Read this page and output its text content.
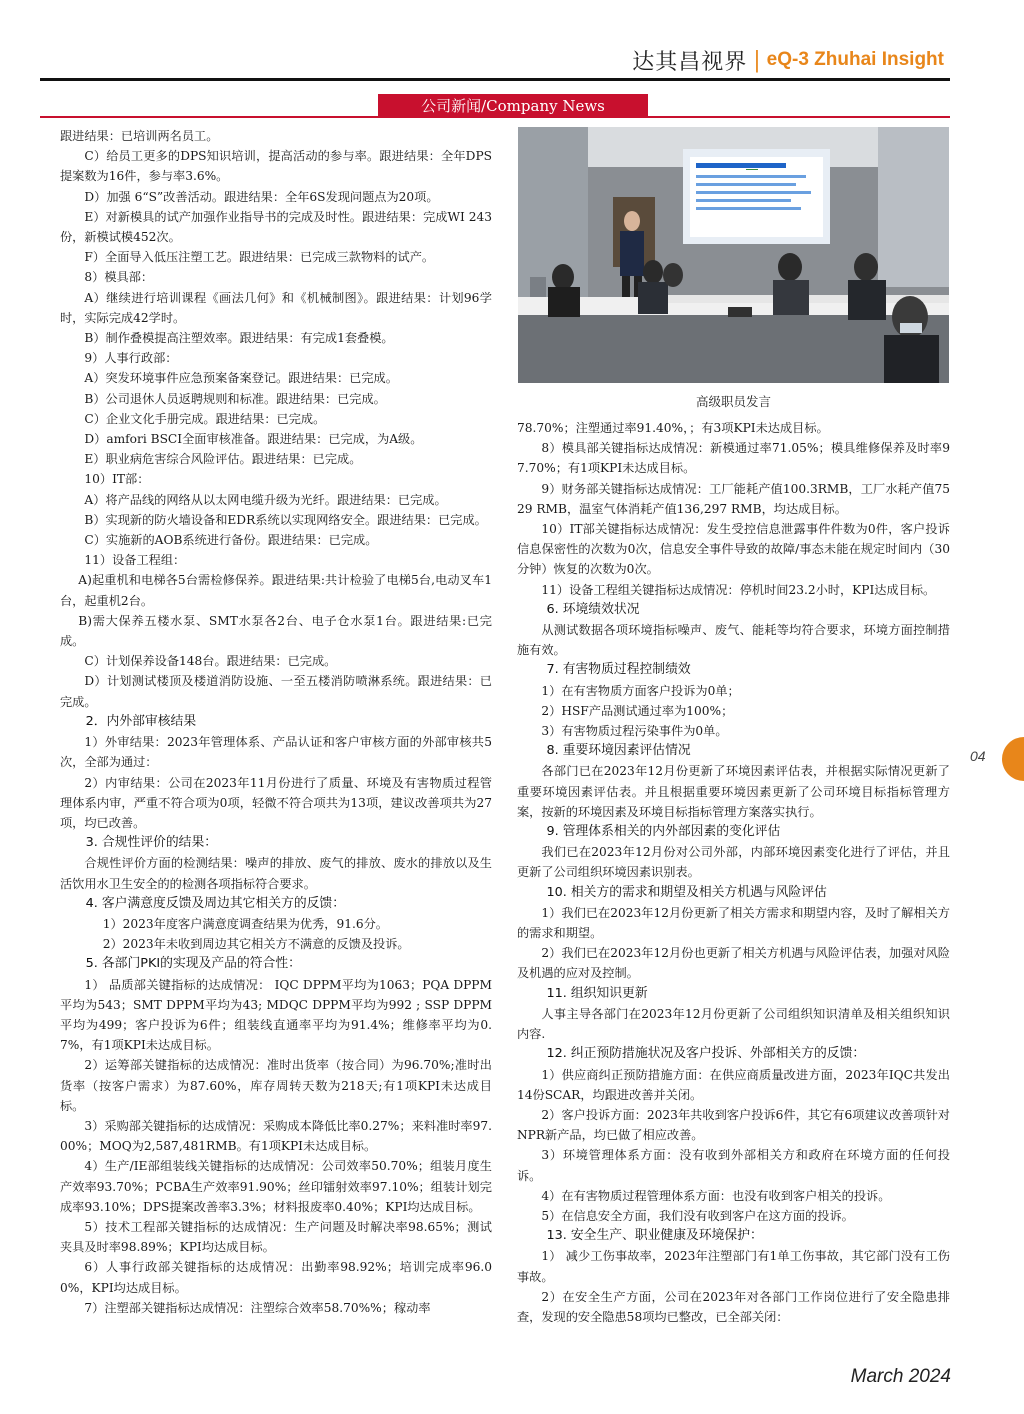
达其昌视界 | eQ-3 Zhuhai Insight
公司新闻/Company News

跟进结果：已培训两名员工。

C）给员工更多的DPS知识培训，提高活动的参与率。跟进结果：全年DPS提案数为16件，参与率3.6%。

D）加强 6“S”改善活动。跟进结果：全年6S发现问题点为20项。

E）对新模具的试产加强作业指导书的完成及时性。跟进结果：完成WI 243份，新模试模452次。

F）全面导入低压注塑工艺。跟进结果：已完成三款物料的试产。

8）模具部：

A）继续进行培训课程《画法几何》和《机械制图》。跟进结果：计划96学时，实际完成42学时。

B）制作叠模提高注塑效率。跟进结果：有完成1套叠模。

9）人事行政部：

A）突发环境事件应急预案备案登记。跟进结果：已完成。

B）公司退休人员返聘规则和标准。跟进结果：已完成。

C）企业文化手册完成。跟进结果：已完成。

D）amfori BSCI全面审核准备。跟进结果：已完成，为A级。

E）职业病危害综合风险评估。跟进结果：已完成。

10）IT部：

A）将产品线的网络从以太网电缆升级为光纤。跟进结果：已完成。

B）实现新的防火墙设备和EDR系统以实现网络安全。跟进结果：已完成。

C）实施新的AOB系统进行备份。跟进结果：已完成。

11）设备工程组：

A)起重机和电梯各5台需检修保养。跟进结果:共计检验了电梯5台,电动叉车1台，起重机2台。

B)需大保养五楼水泵、SMT水泵各2台、电子仓水泵1台。跟进结果:已完成。

C）计划保养设备148台。跟进结果：已完成。

D）计划测试楼顶及楼道消防设施、一至五楼消防喷淋系统。跟进结果：已完成。

2．内外部审核结果

1）外审结果：2023年管理体系、产品认证和客户审核方面的外部审核共5次，全部为通过：

2）内审结果：公司在2023年11月份进行了质量、环境及有害物质过程管理体系内审，严重不符合项为0项，轻微不符合项共为13项，建议改善项共为27项，均已改善。

3. 合规性评价的结果：

合规性评价方面的检测结果：噪声的排放、废气的排放、废水的排放以及生活饮用水卫生安全的的检测各项指标符合要求。

4. 客户满意度反馈及周边其它相关方的反馈：

1）2023年度客户满意度调查结果为优秀，91.6分。

2）2023年未收到周边其它相关方不满意的反馈及投诉。

5. 各部门PKI的实现及产品的符合性：

1） 品质部关键指标的达成情况： IQC DPPM平均为1063；PQA DPPM平均为543；SMT DPPM平均为43; MDQC DPPM平均为992 ; SSP DPPM平均为499；客户投诉为6件；组装线直通率平均为91.4%；维修率平均为0.7%，有1项KPI未达成目标。

2）运筹部关键指标的达成情况：准时出货率（按合同）为96.70%;准时出货率（按客户需求）为87.60%，库存周转天数为218天;有1项KPI未达成目标。

3）采购部关键指标的达成情况：采购成本降低比率0.27%；来料准时率97.00%；MOQ为2,587,481RMB。有1项KPI未达成目标。

4）生产/IE部组装线关键指标的达成情况：公司效率50.70%；组装月度生产效率93.70%；PCBA生产效率91.90%；丝印镭射效率97.10%；组装计划完成率93.10%；DPS提案改善率3.3%；材料报废率0.40%；KPI均达成目标。

5）技术工程部关键指标的达成情况：生产问题及时解决率98.65%；测试夹具及时率98.89%；KPI均达成目标。

6）人事行政部关键指标的达成情况：出勤率98.92%；培训完成率96.00%，KPI均达成目标。

7）注塑部关键指标达成情况：注塑综合效率58.70%%；稼动率

高级职员发言

78.70%；注塑通过率91.40%，；有3项KPI未达成目标。

8）模具部关键指标达成情况：新模通过率71.05%；模具维修保养及时率97.70%；有1项KPI未达成目标。

9）财务部关键指标达成情况：工厂能耗产值100.3RMB，工厂水耗产值7529 RMB，温室气体消耗产值136,297 RMB，均达成目标。

10）IT部关键指标达成情况：发生受控信息泄露事件件数为0件，客户投诉信息保密性的次数为0次，信息安全事件导致的故障/事态未能在规定时间内（30分钟）恢复的次数为0次。

11）设备工程组关键指标达成情况：停机时间23.2小时，KPI达成目标。

6. 环境绩效状况

从测试数据各项环境指标噪声、废气、能耗等均符合要求，环境方面控制措施有效。

7. 有害物质过程控制绩效

1）在有害物质方面客户投诉为0单；

2）HSF产品测试通过率为100%；

3）有害物质过程污染事件为0单。

8. 重要环境因素评估情况

各部门已在2023年12月份更新了环境因素评估表，并根据实际情况更新了重要环境因素评估表。并且根据重要环境因素更新了公司环境目标指标管理方案，按新的环境因素及环境目标指标管理方案落实执行。

9. 管理体系相关的内外部因素的变化评估

我们已在2023年12月份对公司外部，内部环境因素变化进行了评估，并且更新了公司组织环境因素识别表。

10. 相关方的需求和期望及相关方机遇与风险评估

1）我们已在2023年12月份更新了相关方需求和期望内容，及时了解相关方的需求和期望。

2）我们已在2023年12月份也更新了相关方机遇与风险评估表，加强对风险及机遇的应对及控制。

11. 组织知识更新

人事主导各部门在2023年12月份更新了公司组织知识清单及相关组织知识内容.

12. 纠正预防措施状况及客户投诉、外部相关方的反馈：

1）供应商纠正预防措施方面：在供应商质量改进方面，2023年IQC共发出14份SCAR，均跟进改善并关闭。

2）客户投诉方面：2023年共收到客户投诉6件，其它有6项建议改善项针对NPR新产品，均已做了相应改善。

3）环境管理体系方面：没有收到外部相关方和政府在环境方面的任何投诉。

4）在有害物质过程管理体系方面：也没有收到客户相关的投诉。

5）在信息安全方面，我们没有收到客户在这方面的投诉。

13. 安全生产、职业健康及环境保护：

1） 减少工伤事故率，2023年注塑部门有1单工伤事故，其它部门没有工伤事故。

2）在安全生产方面，公司在2023年对各部门工作岗位进行了安全隐患排查，发现的安全隐患58项均已整改，已全部关闭：

04
March 2024
